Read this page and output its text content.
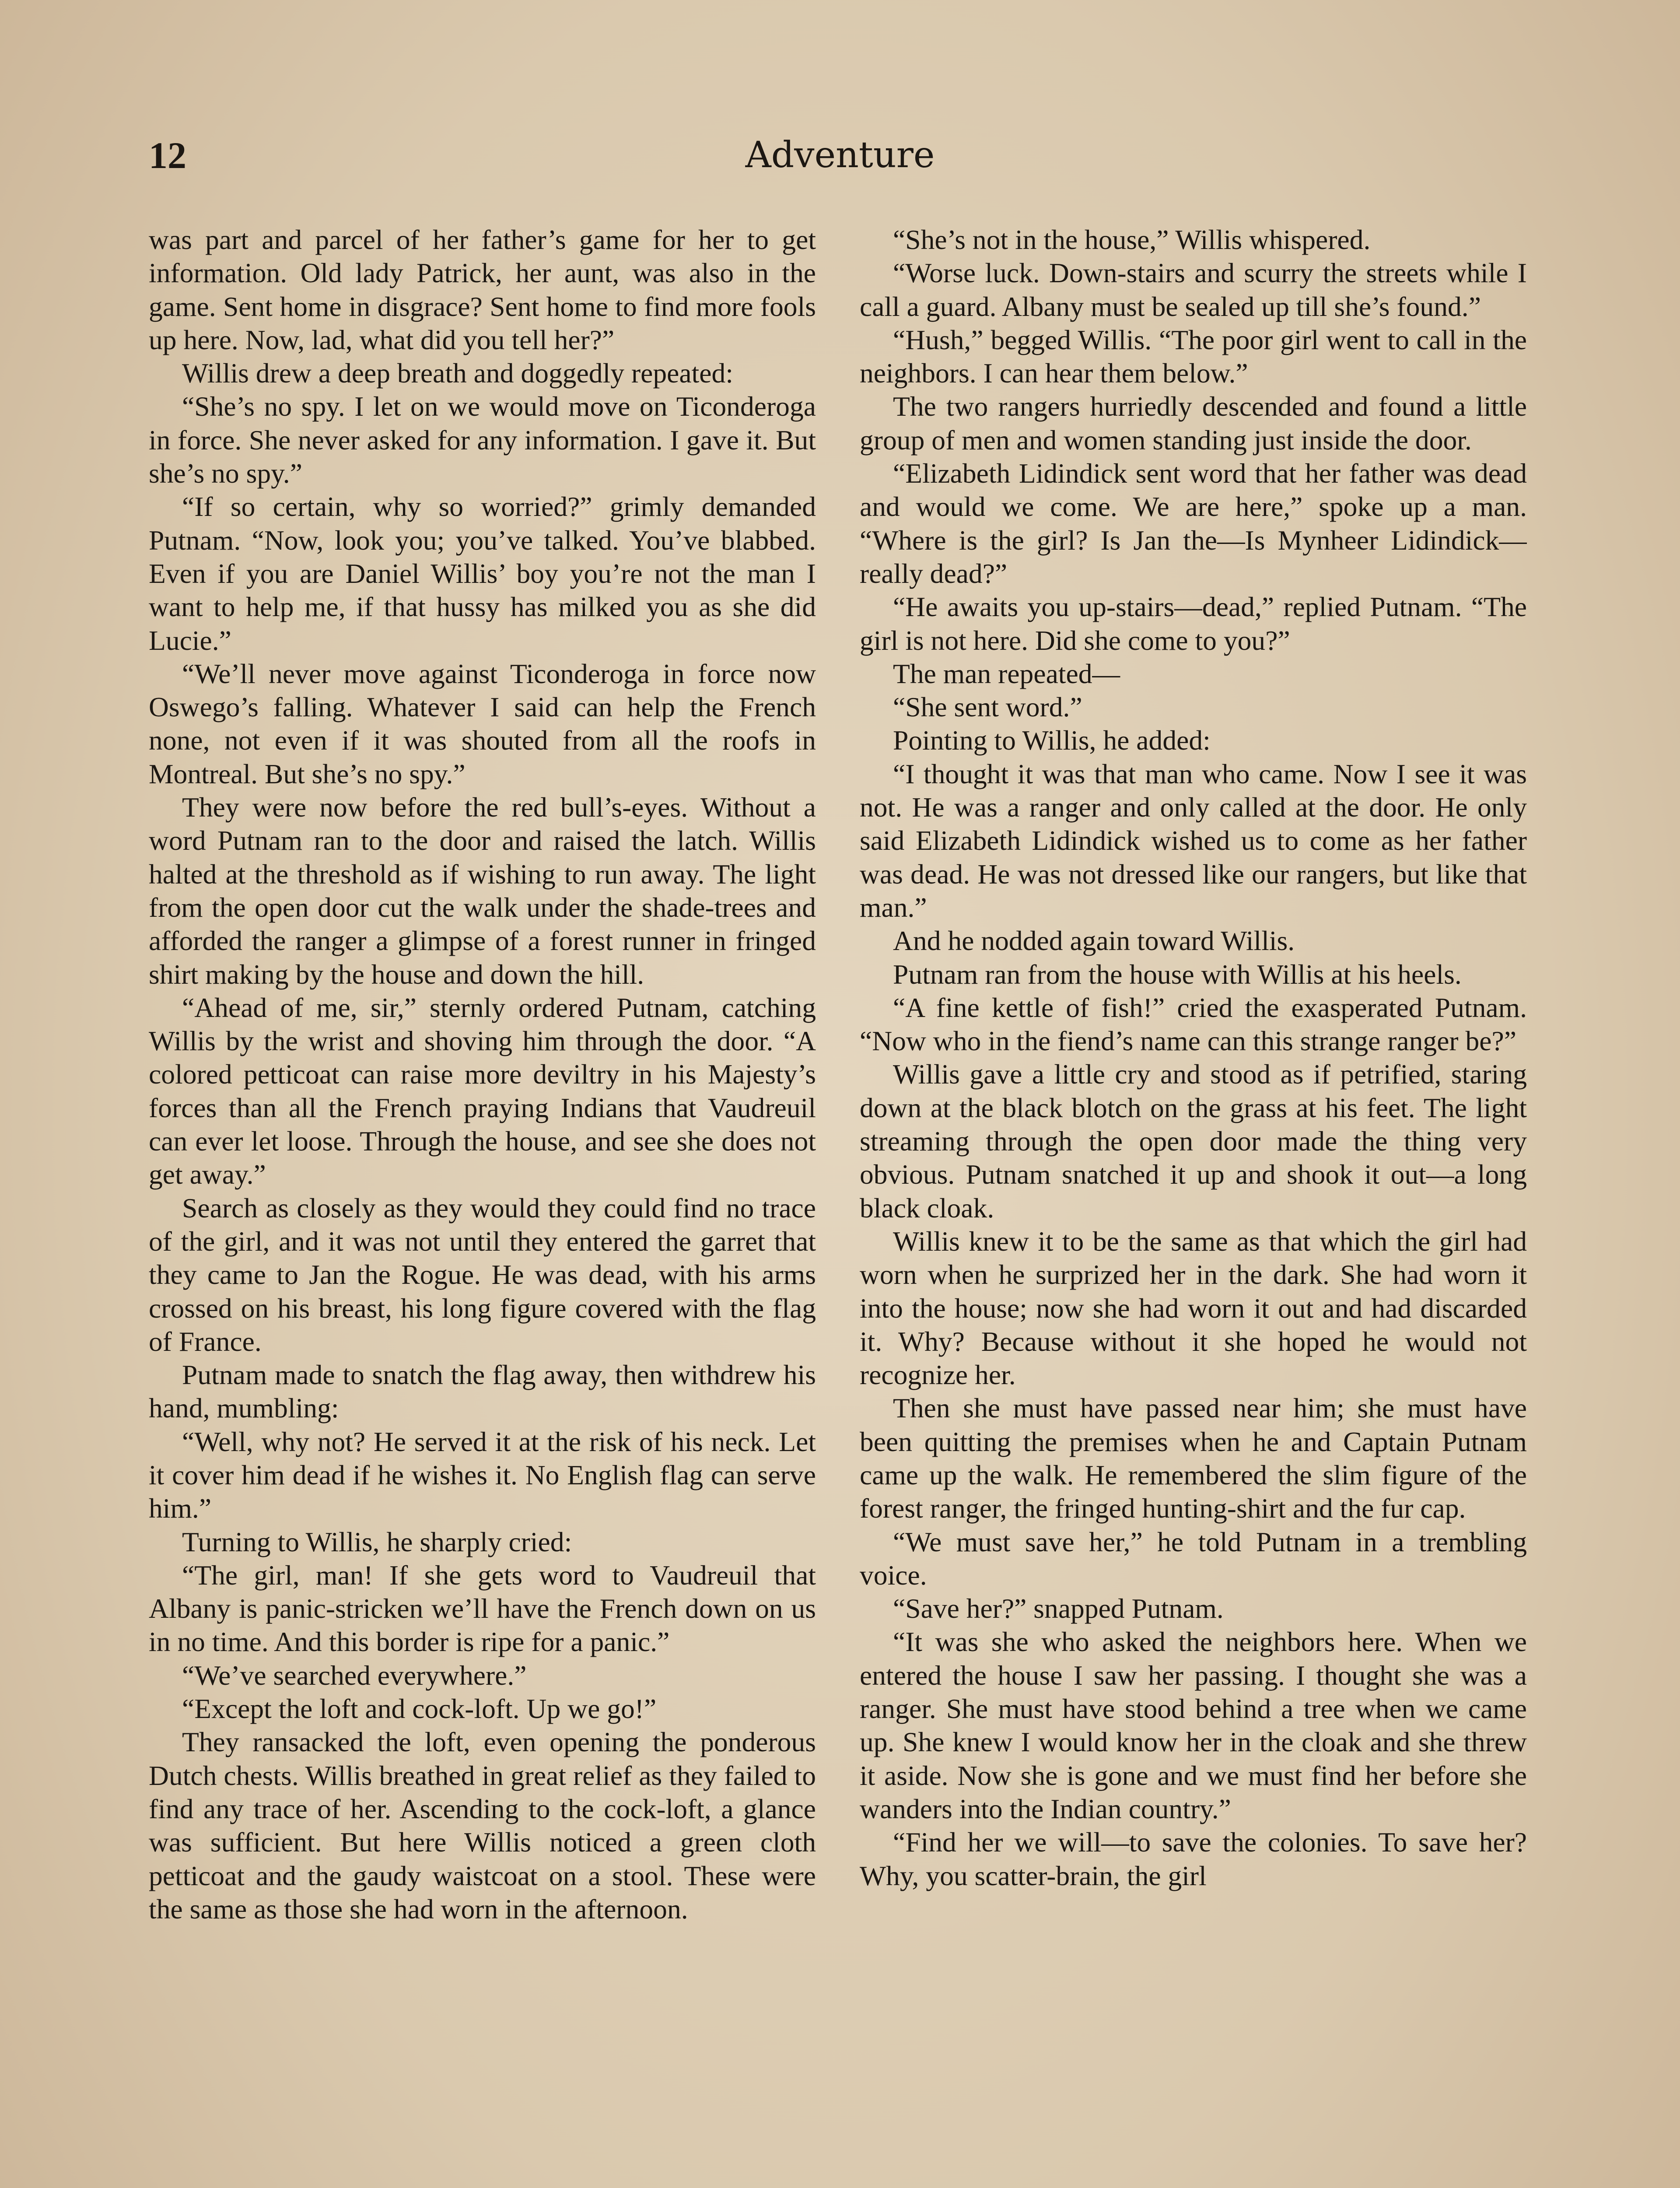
12	Adventure

was part and parcel of her father’s game for her to get information. Old lady Patrick, her aunt, was also in the game. Sent home in disgrace? Sent home to find more fools up here. Now, lad, what did you tell her?”

Willis drew a deep breath and doggedly repeated:

“She’s no spy. I let on we would move on Ticonderoga in force. She never asked for any information. I gave it. But she’s no spy.”

“If so certain, why so worried?” grimly demanded Putnam. “Now, look you; you’ve talked. You’ve blabbed. Even if you are Daniel Willis’ boy you’re not the man I want to help me, if that hussy has milked you as she did Lucie.”

“We’ll never move against Ticonderoga in force now Oswego’s falling. Whatever I said can help the French none, not even if it was shouted from all the roofs in Montreal. But she’s no spy.”

They were now before the red bull’s-eyes. Without a word Putnam ran to the door and raised the latch. Willis halted at the threshold as if wishing to run away. The light from the open door cut the walk under the shade-trees and afforded the ranger a glimpse of a forest runner in fringed shirt making by the house and down the hill.

“Ahead of me, sir,” sternly ordered Putnam, catching Willis by the wrist and shoving him through the door. “A colored petticoat can raise more deviltry in his Majesty’s forces than all the French praying Indians that Vaudreuil can ever let loose. Through the house, and see she does not get away.”

Search as closely as they would they could find no trace of the girl, and it was not until they entered the garret that they came to Jan the Rogue. He was dead, with his arms crossed on his breast, his long figure covered with the flag of France.

Putnam made to snatch the flag away, then withdrew his hand, mumbling:

“Well, why not? He served it at the risk of his neck. Let it cover him dead if he wishes it. No English flag can serve him.”

Turning to Willis, he sharply cried:

“The girl, man! If she gets word to Vaudreuil that Albany is panic-stricken we’ll have the French down on us in no time. And this border is ripe for a panic.”

“We’ve searched everywhere.”

“Except the loft and cock-loft. Up we go!”

They ransacked the loft, even opening the ponderous Dutch chests. Willis breathed in great relief as they failed to find any trace of her. Ascending to the cock-loft, a glance was sufficient. But here Willis noticed a green cloth petticoat and the gaudy waistcoat on a stool. These were the same as those she had worn in the afternoon.

“She’s not in the house,” Willis whispered.

“Worse luck. Down-stairs and scurry the streets while I call a guard. Albany must be sealed up till she’s found.”

“Hush,” begged Willis. “The poor girl went to call in the neighbors. I can hear them below.”

The two rangers hurriedly descended and found a little group of men and women standing just inside the door.

“Elizabeth Lidindick sent word that her father was dead and would we come. We are here,” spoke up a man. “Where is the girl? Is Jan the—Is Mynheer Lidindick—really dead?”

“He awaits you up-stairs—dead,” replied Putnam. “The girl is not here. Did she come to you?”

The man repeated—

“She sent word.”

Pointing to Willis, he added:

“I thought it was that man who came. Now I see it was not. He was a ranger and only called at the door. He only said Elizabeth Lidindick wished us to come as her father was dead. He was not dressed like our rangers, but like that man.”

And he nodded again toward Willis.

Putnam ran from the house with Willis at his heels.

“A fine kettle of fish!” cried the exasperated Putnam. “Now who in the fiend’s name can this strange ranger be?”

Willis gave a little cry and stood as if petrified, staring down at the black blotch on the grass at his feet. The light streaming through the open door made the thing very obvious. Putnam snatched it up and shook it out—a long black cloak.

Willis knew it to be the same as that which the girl had worn when he surprized her in the dark. She had worn it into the house; now she had worn it out and had discarded it. Why? Because without it she hoped he would not recognize her.

Then she must have passed near him; she must have been quitting the premises when he and Captain Putnam came up the walk. He remembered the slim figure of the forest ranger, the fringed hunting-shirt and the fur cap.

“We must save her,” he told Putnam in a trembling voice.

“Save her?” snapped Putnam.

“It was she who asked the neighbors here. When we entered the house I saw her passing. I thought she was a ranger. She must have stood behind a tree when we came up. She knew I would know her in the cloak and she threw it aside. Now she is gone and we must find her before she wanders into the Indian country.”

“Find her we will—to save the colonies. To save her? Why, you scatter-brain, the girl
